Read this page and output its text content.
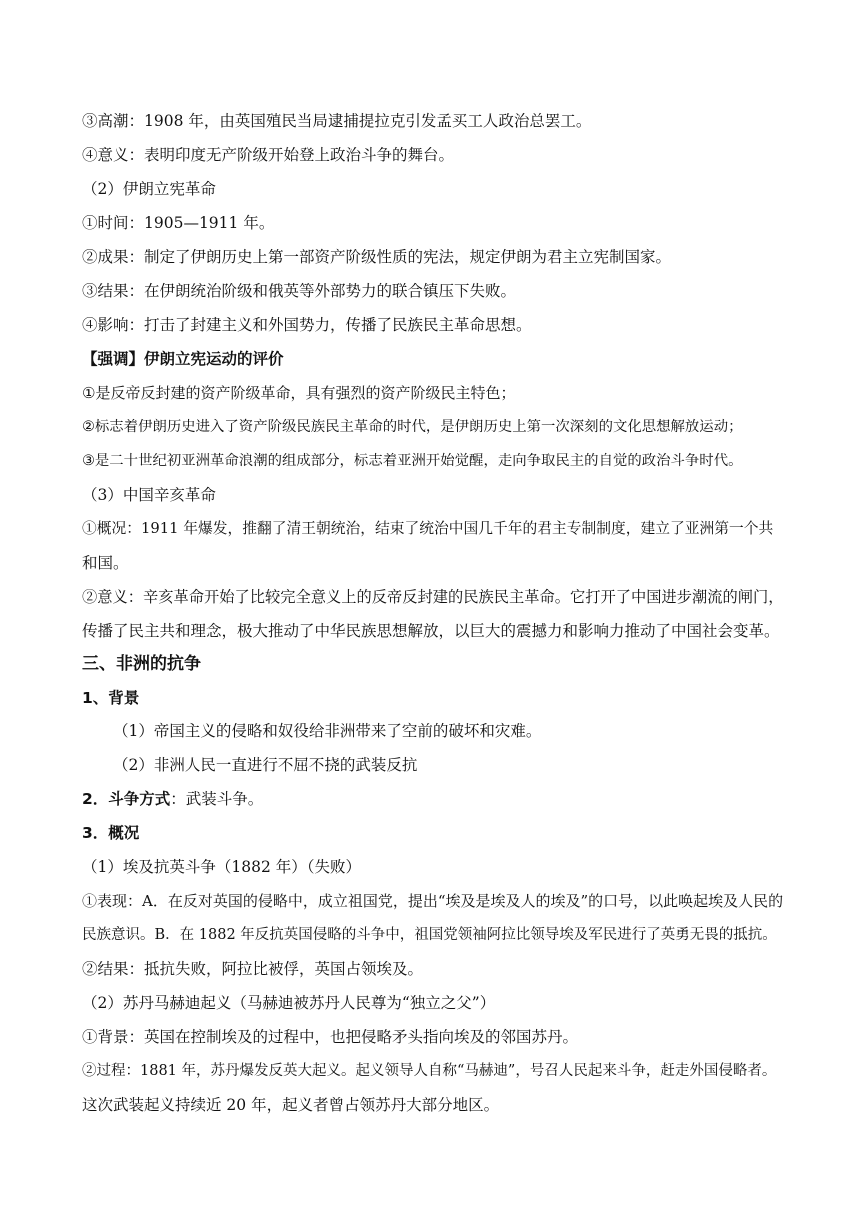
③高潮：1908 年，由英国殖民当局逮捕提拉克引发孟买工人政治总罢工。
④意义：表明印度无产阶级开始登上政治斗争的舞台。
（2）伊朗立宪革命
①时间：1905—1911 年。
②成果：制定了伊朗历史上第一部资产阶级性质的宪法，规定伊朗为君主立宪制国家。
③结果：在伊朗统治阶级和俄英等外部势力的联合镇压下失败。
④影响：打击了封建主义和外国势力，传播了民族民主革命思想。
【强调】伊朗立宪运动的评价
①是反帝反封建的资产阶级革命，具有强烈的资产阶级民主特色；
②标志着伊朗历史进入了资产阶级民族民主革命的时代，是伊朗历史上第一次深刻的文化思想解放运动；
③是二十世纪初亚洲革命浪潮的组成部分，标志着亚洲开始觉醒，走向争取民主的自觉的政治斗争时代。
（3）中国辛亥革命
①概况：1911 年爆发，推翻了清王朝统治，结束了统治中国几千年的君主专制制度，建立了亚洲第一个共
和国。
②意义：辛亥革命开始了比较完全意义上的反帝反封建的民族民主革命。它打开了中国进步潮流的闸门，
传播了民主共和理念，极大推动了中华民族思想解放，以巨大的震撼力和影响力推动了中国社会变革。
三、非洲的抗争
1、背景
（1）帝国主义的侵略和奴役给非洲带来了空前的破坏和灾难。
（2）非洲人民一直进行不屈不挠的武装反抗
2．斗争方式：武装斗争。
3．概况
（1）埃及抗英斗争（1882 年）（失败）
①表现：A．在反对英国的侵略中，成立祖国党，提出“埃及是埃及人的埃及”的口号，以此唤起埃及人民的
民族意识。B．在 1882 年反抗英国侵略的斗争中，祖国党领袖阿拉比领导埃及军民进行了英勇无畏的抵抗。
②结果：抵抗失败，阿拉比被俘，英国占领埃及。
（2）苏丹马赫迪起义（马赫迪被苏丹人民尊为“独立之父”）
①背景：英国在控制埃及的过程中，也把侵略矛头指向埃及的邻国苏丹。
②过程：1881 年，苏丹爆发反英大起义。起义领导人自称“马赫迪”，号召人民起来斗争，赶走外国侵略者。
这次武装起义持续近 20 年，起义者曾占领苏丹大部分地区。
